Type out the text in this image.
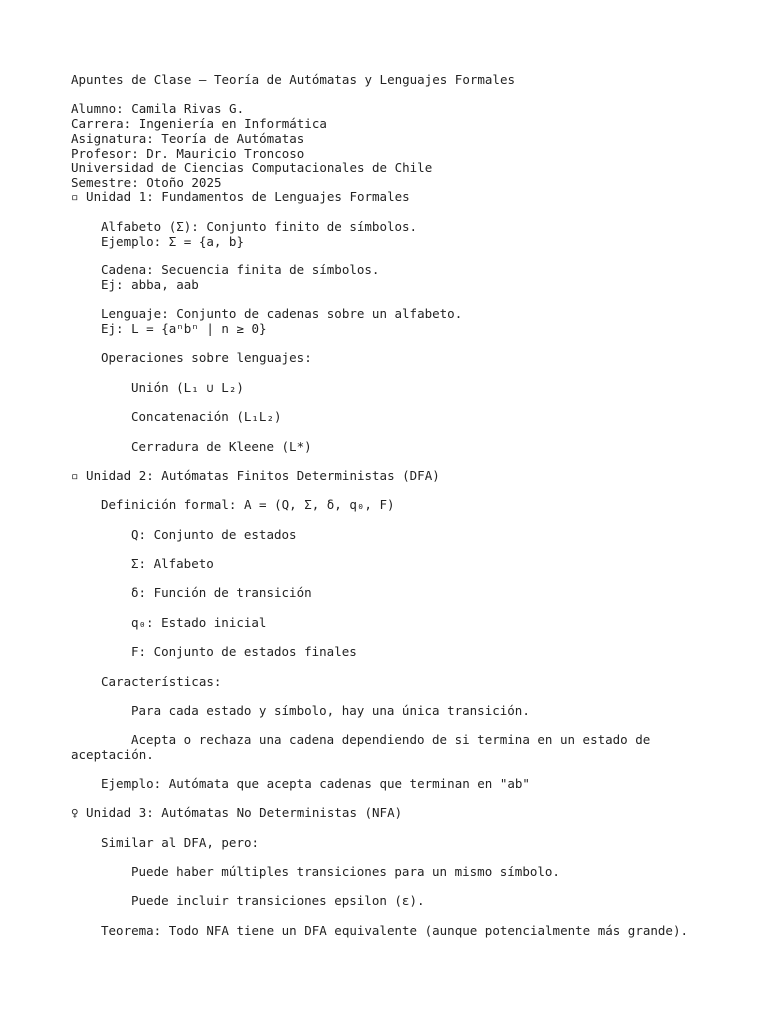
Apuntes de Clase – Teoría de Autómatas y Lenguajes Formales

Alumno: Camila Rivas G.

Carrera: Ingeniería en Informática

Asignatura: Teoría de Autómatas

Profesor: Dr. Mauricio Troncoso

Universidad de Ciencias Computacionales de Chile

Semestre: Otoño 2025

▫ Unidad 1: Fundamentos de Lenguajes Formales

Alfabeto (Σ): Conjunto finito de símbolos.

Ejemplo: Σ = {a, b}

Cadena: Secuencia finita de símbolos.

Ej: abba, aab

Lenguaje: Conjunto de cadenas sobre un alfabeto.

Ej: L = {aⁿbⁿ | n ≥ 0}

Operaciones sobre lenguajes:

Unión (L₁ ∪ L₂)

Concatenación (L₁L₂)

Cerradura de Kleene (L*)

▫ Unidad 2: Autómatas Finitos Deterministas (DFA)

Definición formal: A = (Q, Σ, δ, q₀, F)

Q: Conjunto de estados

Σ: Alfabeto

δ: Función de transición

q₀: Estado inicial

F: Conjunto de estados finales

Características:

Para cada estado y símbolo, hay una única transición.

Acepta o rechaza una cadena dependiendo de si termina en un estado de aceptación.

Ejemplo: Autómata que acepta cadenas que terminan en "ab"

♀ Unidad 3: Autómatas No Deterministas (NFA)

Similar al DFA, pero:

Puede haber múltiples transiciones para un mismo símbolo.

Puede incluir transiciones epsilon (ε).

Teorema: Todo NFA tiene un DFA equivalente (aunque potencialmente más grande).
